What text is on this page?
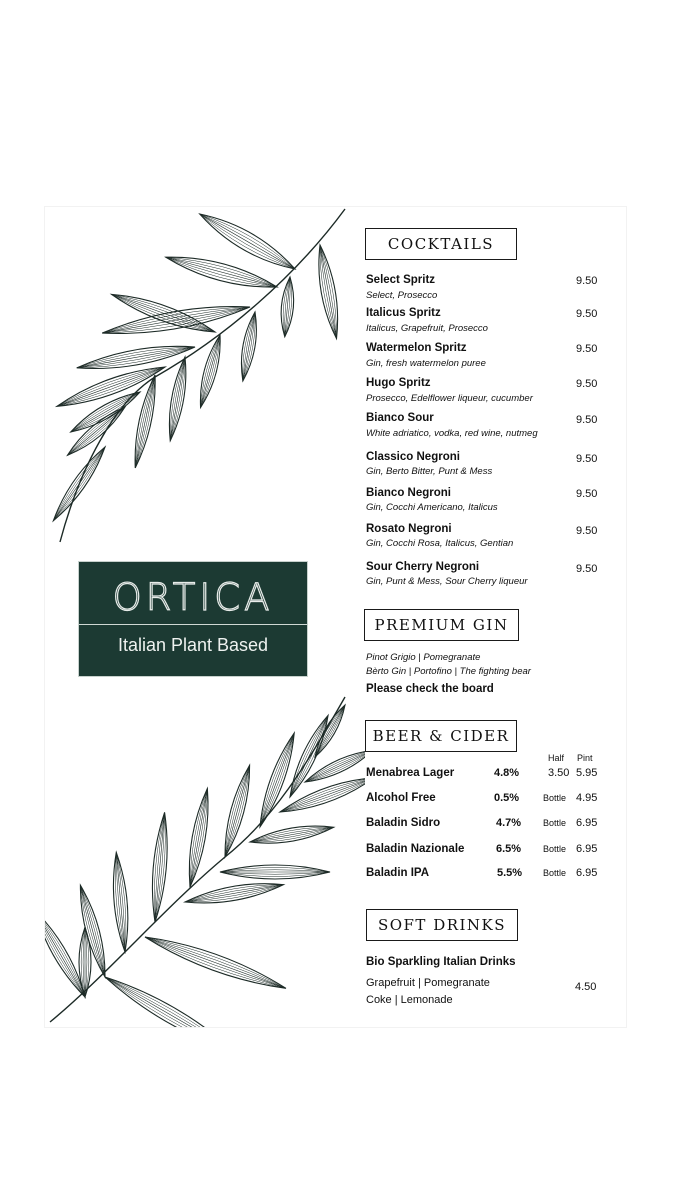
ORTICA
Italian Plant Based
COCKTAILS
Select Spritz
Select, Prosecco
9.50
Italicus Spritz
Italicus, Grapefruit, Prosecco
9.50
Watermelon Spritz
Gin, fresh watermelon puree
9.50
Hugo Spritz
Prosecco, Edelflower liqueur, cucumber
9.50
Bianco Sour
White adriatico, vodka, red wine, nutmeg
9.50
Classico Negroni
Gin, Berto Bitter, Punt & Mess
9.50
Bianco Negroni
Gin, Cocchi Americano, Italicus
9.50
Rosato Negroni
Gin, Cocchi Rosa, Italicus, Gentian
9.50
Sour Cherry Negroni
Gin, Punt & Mess, Sour Cherry liqueur
9.50
PREMIUM GIN
Pinot Grigio | Pomegranate
Bèrto Gin | Portofino | The fighting bear
Please check the board
BEER & CIDER
Half Pint
Menabrea Lager	4.8%	3.50 5.95
Alcohol Free	0.5%	Bottle 4.95
Baladin Sidro	4.7% Bottle 6.95
Baladin Nazionale	6.5% Bottle 6.95
Baladin IPA	5.5% Bottle 6.95
SOFT DRINKS
Bio Sparkling Italian Drinks
Grapefruit | Pomegranate
Coke | Lemonade
4.50
